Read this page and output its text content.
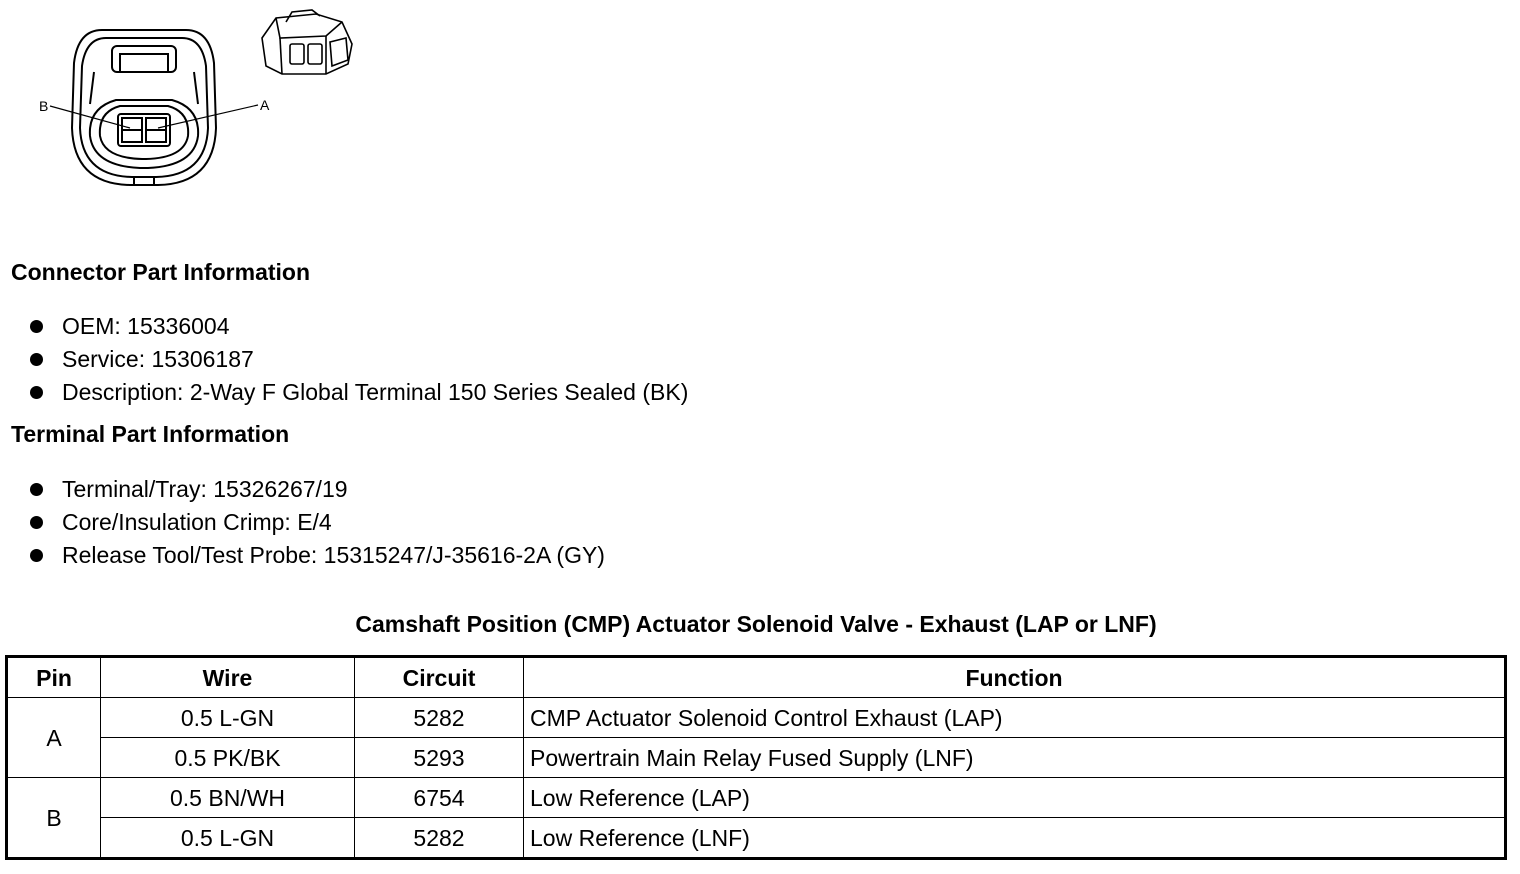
B	A
Connector Part Information
OEM: 15336004
Service: 15306187
Description: 2-Way F Global Terminal 150 Series Sealed (BK)
Terminal Part Information
Terminal/Tray: 15326267/19
Core/Insulation Crimp: E/4
Release Tool/Test Probe: 15315247/J-35616-2A (GY)
Camshaft Position (CMP) Actuator Solenoid Valve - Exhaust (LAP or LNF)
Pin	Wire	Circuit	Function
A	0.5 L-GN	5282	CMP Actuator Solenoid Control Exhaust (LAP)
	0.5 PK/BK	5293	Powertrain Main Relay Fused Supply (LNF)
B	0.5 BN/WH	6754	Low Reference (LAP)
	0.5 L-GN	5282	Low Reference (LNF)
